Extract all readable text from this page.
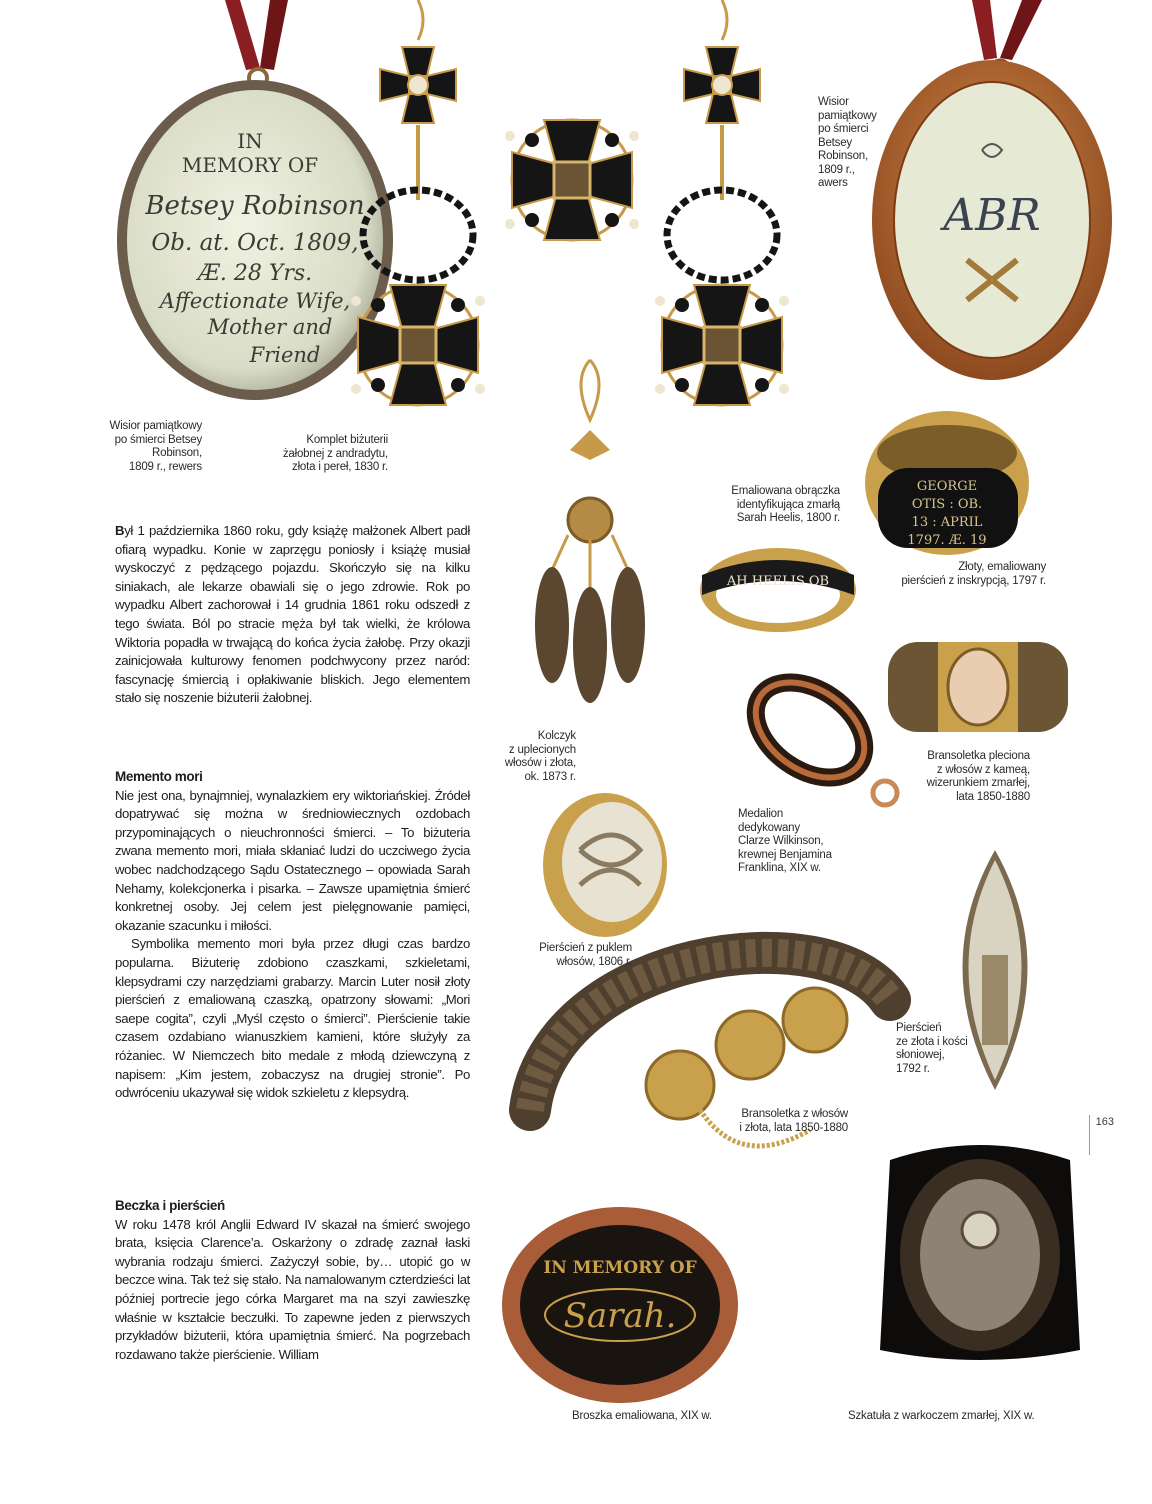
IN
MEMORY OF
Betsey Robinson
Ob. at. Oct. 1809,
Æ. 28 Yrs.
Affectionate Wife,
Mother and
Friend
ABR
GEORGE
OTIS : OB.
13 : APRIL
1797. Æ. 19
AH HEELIS OB
IN MEMORY OF
Sarah.
Wisior pamiątkowy
po śmierci Betsey
Robinson,
1809 r., rewers
Komplet biżuterii
żałobnej z andradytu,
złota i pereł, 1830 r.
Wisior
pamiątkowy
po śmierci
Betsey
Robinson,
1809 r.,
awers
Emaliowana obrączka
identyfikująca zmarłą
Sarah Heelis, 1800 r.
Złoty, emaliowany
pierścień z inskrypcją, 1797 r.
Kolczyk
z uplecionych
włosów i złota,
ok. 1873 r.
Bransoletka pleciona
z włosów z kameą,
wizerunkiem zmarłej,
lata 1850-1880
Medalion
dedykowany
Clarze Wilkinson,
krewnej Benjamina
Franklina, XIX w.
Pierścień z puklem
włosów, 1806 r.
Pierścień
ze złota i kości
słoniowej,
1792 r.
Bransoletka z włosów
i złota, lata 1850-1880
Broszka emaliowana, XIX w.	Szkatuła z warkoczem zmarłej, XIX w.

Był 1 października 1860 roku, gdy książę małżonek Albert padł ofiarą wypadku. Konie w zaprzęgu poniosły i książę musiał wyskoczyć z pędzącego pojazdu. Skończyło się na kilku siniakach, ale lekarze obawiali się o jego zdrowie. Rok po wypadku Albert zachorował i 14 grudnia 1861 roku odszedł z tego świata. Ból po stracie męża był tak wielki, że królowa Wiktoria popadła w trwającą do końca życia żałobę. Przy okazji zainicjowała kulturowy fenomen podchwycony przez naród: fascynację śmiercią i opłakiwanie bliskich. Jego elementem stało się noszenie biżuterii żałobnej.

Memento mori

Nie jest ona, bynajmniej, wynalazkiem ery wiktoriańskiej. Źródeł dopatrywać się można w średniowiecznych ozdobach przypominających o nieuchronności śmierci. – To biżuteria zwana memento mori, miała skłaniać ludzi do uczciwego życia wobec nadchodzącego Sądu Ostatecznego – opowiada Sarah Nehamy, kolekcjonerka i pisarka. – Zawsze upamiętnia śmierć konkretnej osoby. Jej celem jest pielęgnowanie pamięci, okazanie szacunku i miłości.

Symbolika memento mori była przez długi czas bardzo popularna. Biżuterię zdobiono czaszkami, szkieletami, klepsydrami czy narzędziami grabarzy. Marcin Luter nosił złoty pierścień z emaliowaną czaszką, opatrzony słowami: „Mori saepe cogita”, czyli „Myśl często o śmierci”. Pierścienie takie czasem ozdabiano wianuszkiem kamieni, które służyły za różaniec. W Niemczech bito medale z młodą dziewczyną z napisem: „Kim jestem, zobaczysz na drugiej stronie”. Po odwróceniu ukazywał się widok szkieletu z klepsydrą.

Beczka i pierścień

W roku 1478 król Anglii Edward IV skazał na śmierć swojego brata, księcia Clarence’a. Oskarżony o zdradę zaznał łaski wybrania rodzaju śmierci. Zażyczył sobie, by… utopić go w beczce wina. Tak też się stało. Na namalowanym czterdzieści lat później portrecie jego córka Margaret ma na szyi zawieszkę właśnie w kształcie beczułki. To zapewne jeden z pierwszych przykładów biżuterii, która upamiętnia śmierć. Na pogrzebach rozdawano także pierścienie. William

163
